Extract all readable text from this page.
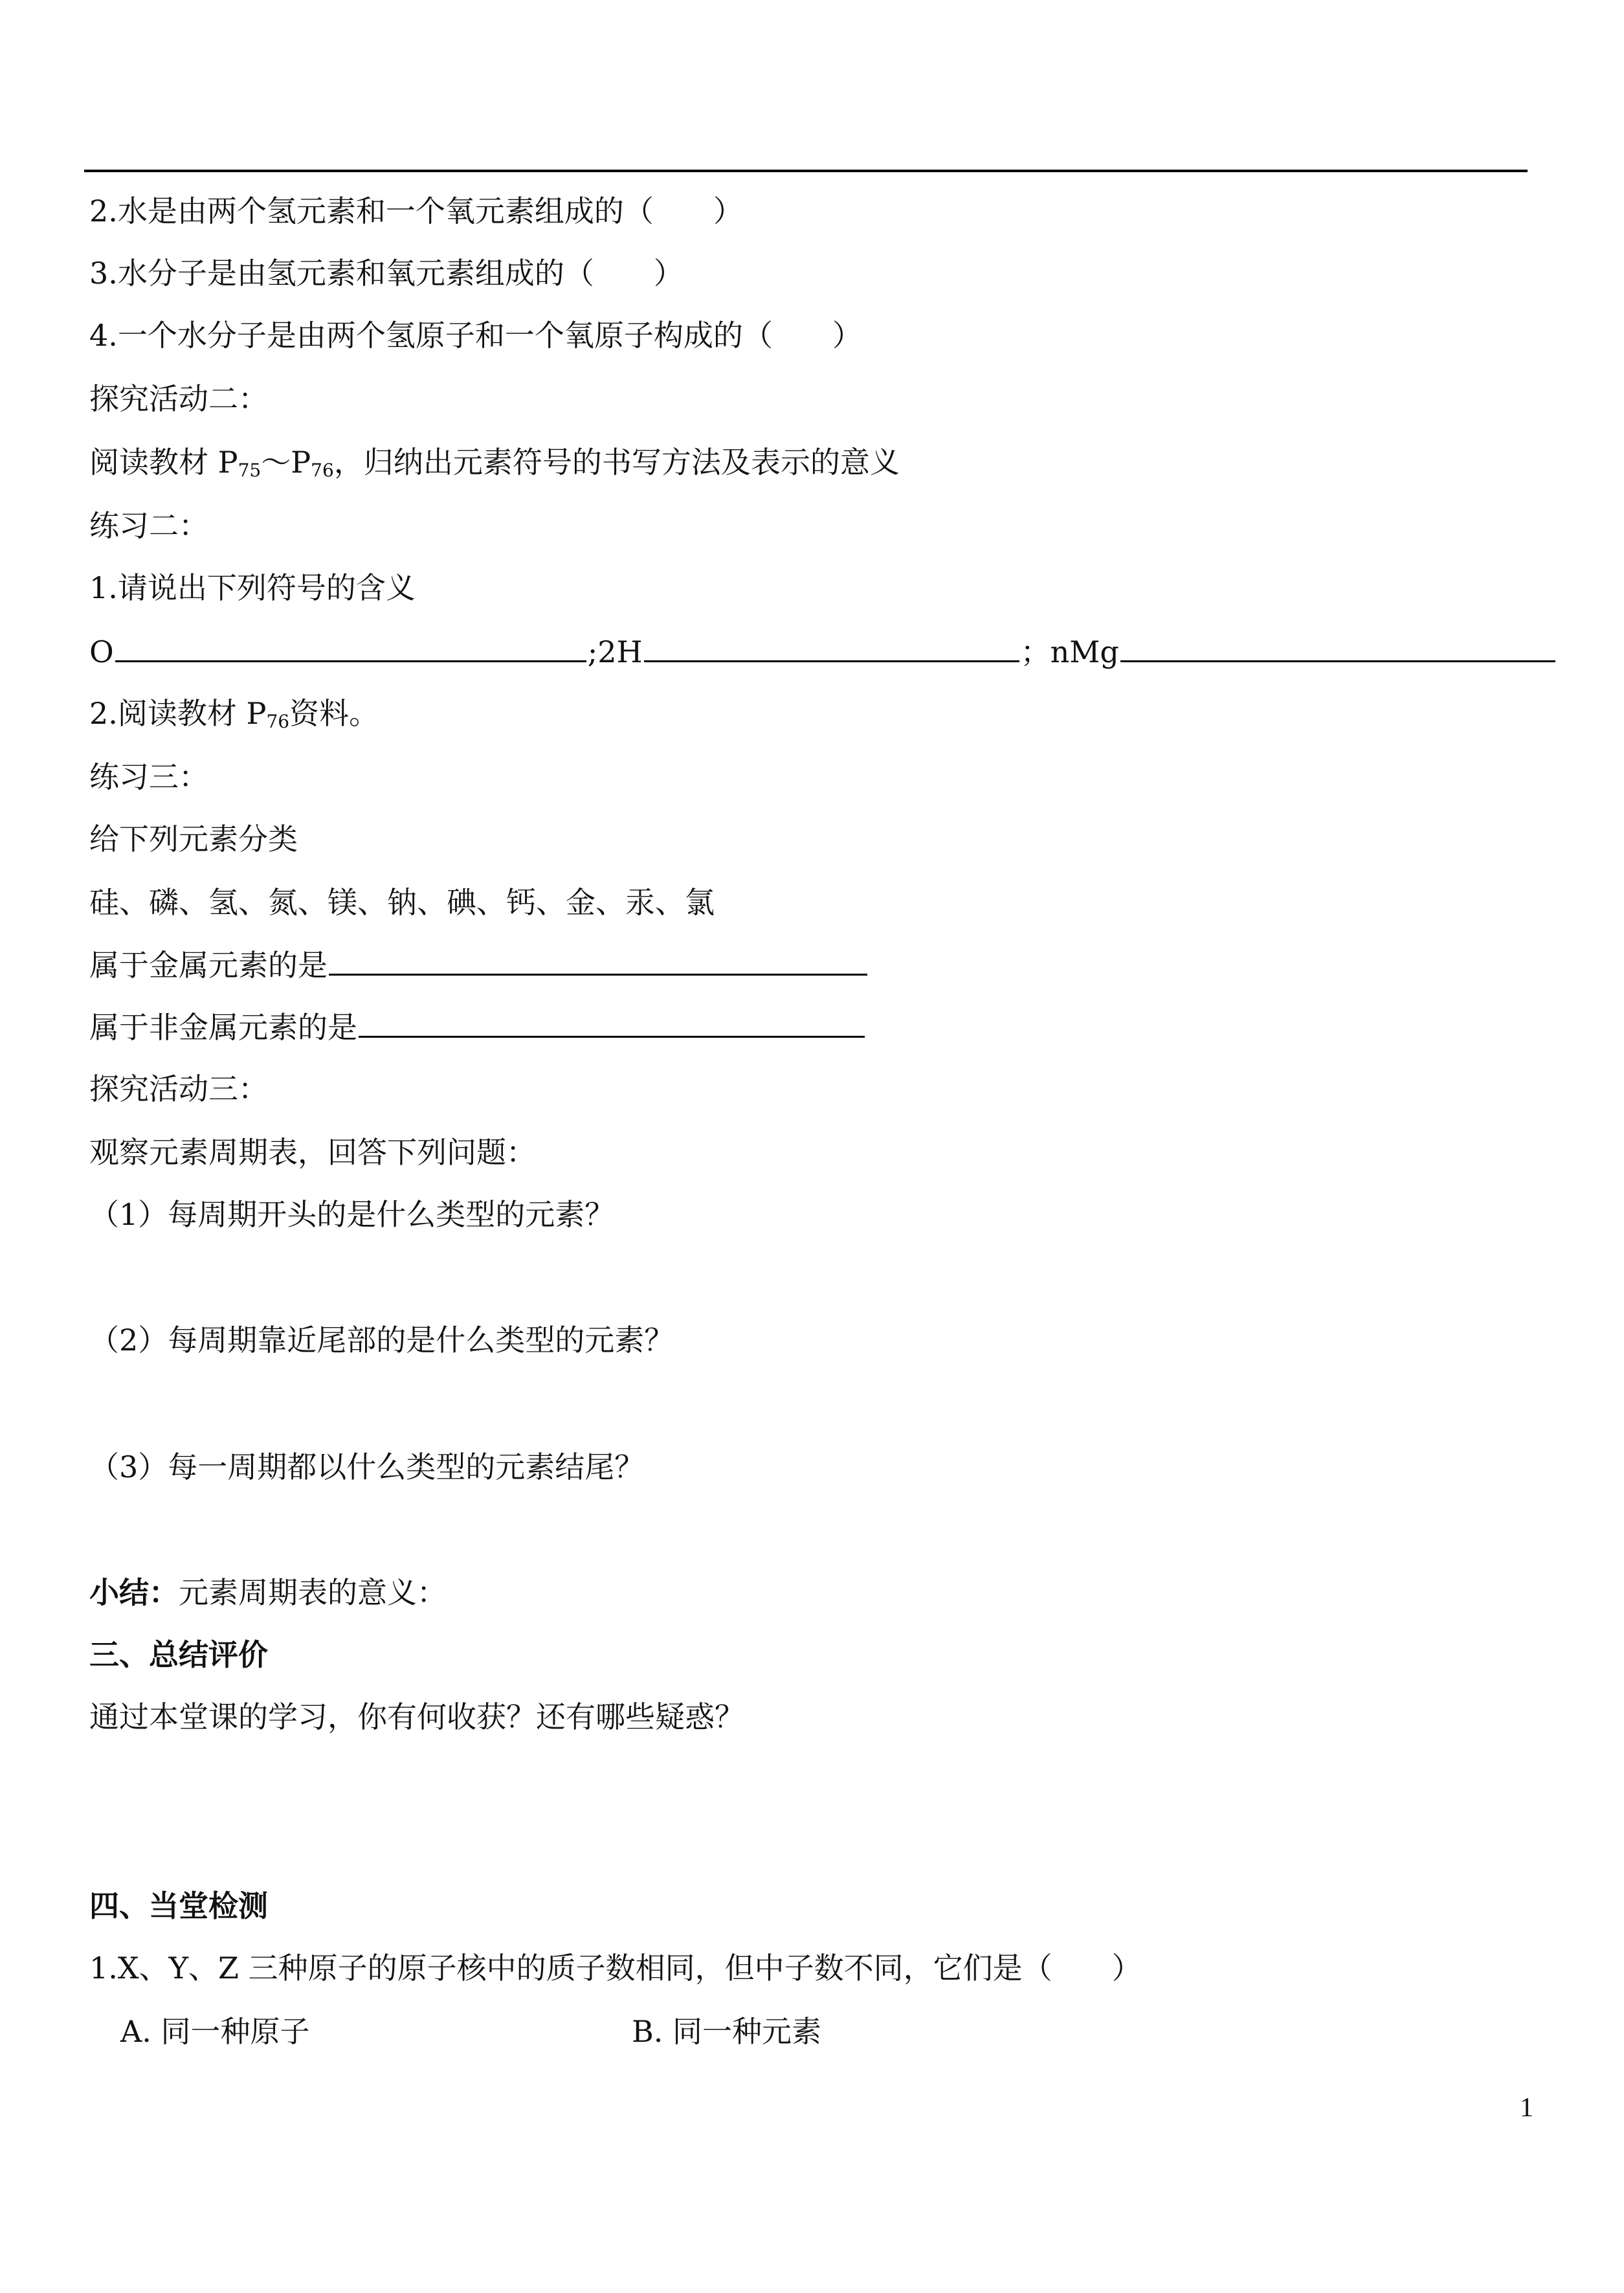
2.水是由两个氢元素和一个氧元素组成的（　　）
3.水分子是由氢元素和氧元素组成的（　　）
4.一个水分子是由两个氢原子和一个氧原子构成的（　　）
探究活动二：
阅读教材 $P_{75}\sim P_{76}$，归纳出元素符号的书写方法及表示的意义
练习二：
1.请说出下列符号的含义
O	;2H	；nMg
2.阅读教材 $P_{76}$资料。
练习三：
给下列元素分类
硅、磷、氢、氮、镁、钠、碘、钙、金、汞、氯
属于金属元素的是
属于非金属元素的是
探究活动三：
观察元素周期表，回答下列问题：
（1）每周期开头的是什么类型的元素？
（2）每周期靠近尾部的是什么类型的元素？
（3）每一周期都以什么类型的元素结尾？
小结：元素周期表的意义：
三、总结评价
通过本堂课的学习，你有何收获？还有哪些疑惑？
四、当堂检测
1.X、Y、Z 三种原子的原子核中的质子数相同，但中子数不同，它们是（　　）
A. 同一种原子	B. 同一种元素
1
